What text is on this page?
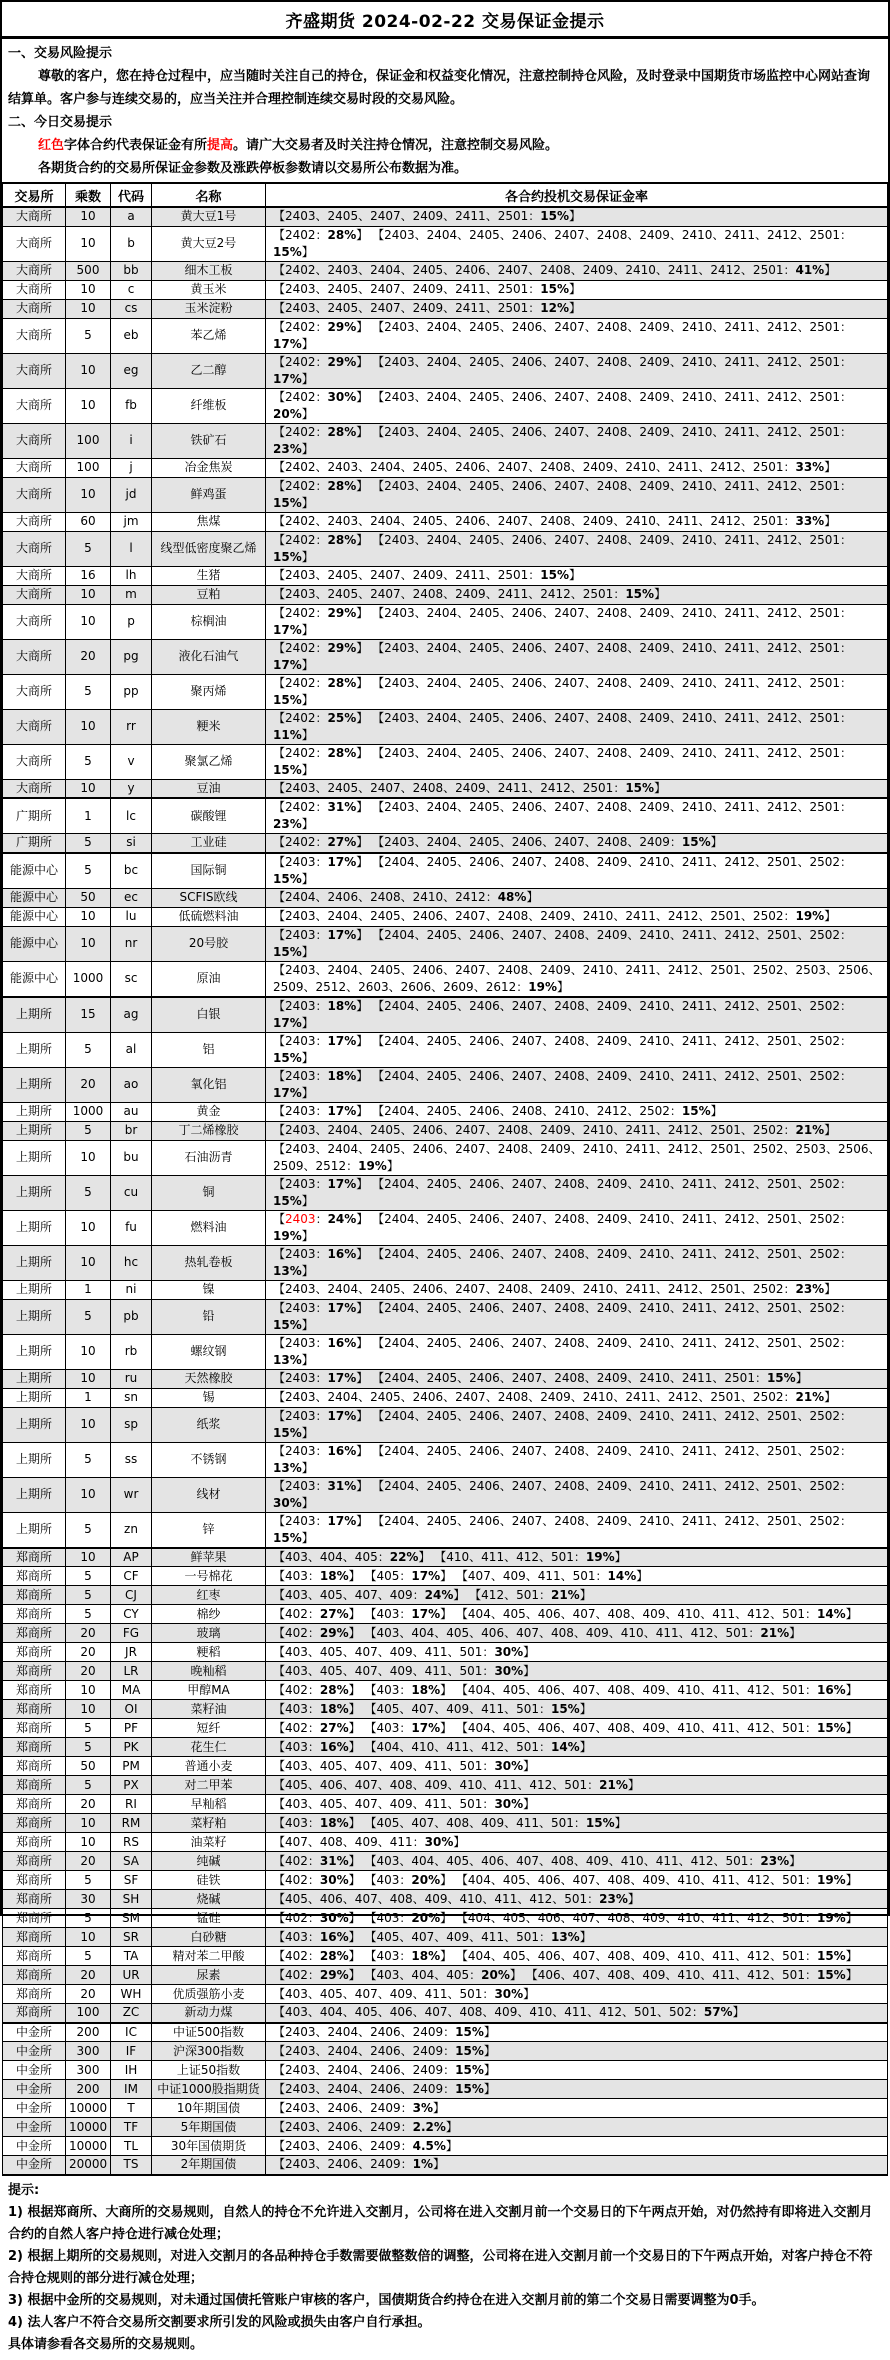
齐盛期货 2024-02-22 交易保证金提示

一、交易风险提示

尊敬的客户，您在持仓过程中，应当随时关注自己的持仓，保证金和权益变化情况，注意控制持仓风险，及时登录中国期货市场监控中心网站查询结算单。客户参与连续交易的，应当关注并合理控制连续交易时段的交易风险。

二、今日交易提示

红色字体合约代表保证金有所提高。请广大交易者及时关注持仓情况，注意控制交易风险。

各期货合约的交易所保证金参数及涨跌停板参数请以交易所公布数据为准。

交易所	乘数	代码	名称	各合约投机交易保证金率
大商所	10	a	黄大豆1号	【2403、2405、2407、2409、2411、2501：15%】
大商所	10	b	黄大豆2号	【2402：28%】 【2403、2404、2405、2406、2407、2408、2409、2410、2411、2412、2501：15%】
大商所	500	bb	细木工板	【2402、2403、2404、2405、2406、2407、2408、2409、2410、2411、2412、2501：41%】
大商所	10	c	黄玉米	【2403、2405、2407、2409、2411、2501：15%】
大商所	10	cs	玉米淀粉	【2403、2405、2407、2409、2411、2501：12%】
大商所	5	eb	苯乙烯	【2402：29%】 【2403、2404、2405、2406、2407、2408、2409、2410、2411、2412、2501：17%】
大商所	10	eg	乙二醇	【2402：29%】 【2403、2404、2405、2406、2407、2408、2409、2410、2411、2412、2501：17%】
大商所	10	fb	纤维板	【2402：30%】 【2403、2404、2405、2406、2407、2408、2409、2410、2411、2412、2501：20%】
大商所	100	i	铁矿石	【2402：28%】 【2403、2404、2405、2406、2407、2408、2409、2410、2411、2412、2501：23%】
大商所	100	j	冶金焦炭	【2402、2403、2404、2405、2406、2407、2408、2409、2410、2411、2412、2501：33%】
大商所	10	jd	鲜鸡蛋	【2402：28%】 【2403、2404、2405、2406、2407、2408、2409、2410、2411、2412、2501：15%】
大商所	60	jm	焦煤	【2402、2403、2404、2405、2406、2407、2408、2409、2410、2411、2412、2501：33%】
大商所	5	l	线型低密度聚乙烯	【2402：28%】 【2403、2404、2405、2406、2407、2408、2409、2410、2411、2412、2501：15%】
大商所	16	lh	生猪	【2403、2405、2407、2409、2411、2501：15%】
大商所	10	m	豆粕	【2403、2405、2407、2408、2409、2411、2412、2501：15%】
大商所	10	p	棕榈油	【2402：29%】 【2403、2404、2405、2406、2407、2408、2409、2410、2411、2412、2501：17%】
大商所	20	pg	液化石油气	【2402：29%】 【2403、2404、2405、2406、2407、2408、2409、2410、2411、2412、2501：17%】
大商所	5	pp	聚丙烯	【2402：28%】 【2403、2404、2405、2406、2407、2408、2409、2410、2411、2412、2501：15%】
大商所	10	rr	粳米	【2402：25%】 【2403、2404、2405、2406、2407、2408、2409、2410、2411、2412、2501：11%】
大商所	5	v	聚氯乙烯	【2402：28%】 【2403、2404、2405、2406、2407、2408、2409、2410、2411、2412、2501：15%】
大商所	10	y	豆油	【2403、2405、2407、2408、2409、2411、2412、2501：15%】
广期所	1	lc	碳酸锂	【2402：31%】 【2403、2404、2405、2406、2407、2408、2409、2410、2411、2412、2501：23%】
广期所	5	si	工业硅	【2402：27%】 【2403、2404、2405、2406、2407、2408、2409：15%】
能源中心	5	bc	国际铜	【2403：17%】 【2404、2405、2406、2407、2408、2409、2410、2411、2412、2501、2502：15%】
能源中心	50	ec	SCFIS欧线	【2404、2406、2408、2410、2412：48%】
能源中心	10	lu	低硫燃料油	【2403、2404、2405、2406、2407、2408、2409、2410、2411、2412、2501、2502：19%】
能源中心	10	nr	20号胶	【2403：17%】 【2404、2405、2406、2407、2408、2409、2410、2411、2412、2501、2502：15%】
能源中心	1000	sc	原油	【2403、2404、2405、2406、2407、2408、2409、2410、2411、2412、2501、2502、2503、2506、2509、2512、2603、2606、2609、2612：19%】
上期所	15	ag	白银	【2403：18%】 【2404、2405、2406、2407、2408、2409、2410、2411、2412、2501、2502：17%】
上期所	5	al	铝	【2403：17%】 【2404、2405、2406、2407、2408、2409、2410、2411、2412、2501、2502：15%】
上期所	20	ao	氧化铝	【2403：18%】 【2404、2405、2406、2407、2408、2409、2410、2411、2412、2501、2502：17%】
上期所	1000	au	黄金	【2403：17%】 【2404、2405、2406、2408、2410、2412、2502：15%】
上期所	5	br	丁二烯橡胶	【2403、2404、2405、2406、2407、2408、2409、2410、2411、2412、2501、2502：21%】
上期所	10	bu	石油沥青	【2403、2404、2405、2406、2407、2408、2409、2410、2411、2412、2501、2502、2503、2506、2509、2512：19%】
上期所	5	cu	铜	【2403：17%】 【2404、2405、2406、2407、2408、2409、2410、2411、2412、2501、2502：15%】
上期所	10	fu	燃料油	【2403：24%】 【2404、2405、2406、2407、2408、2409、2410、2411、2412、2501、2502：19%】
上期所	10	hc	热轧卷板	【2403：16%】 【2404、2405、2406、2407、2408、2409、2410、2411、2412、2501、2502：13%】
上期所	1	ni	镍	【2403、2404、2405、2406、2407、2408、2409、2410、2411、2412、2501、2502：23%】
上期所	5	pb	铅	【2403：17%】 【2404、2405、2406、2407、2408、2409、2410、2411、2412、2501、2502：15%】
上期所	10	rb	螺纹钢	【2403：16%】 【2404、2405、2406、2407、2408、2409、2410、2411、2412、2501、2502：13%】
上期所	10	ru	天然橡胶	【2403：17%】 【2404、2405、2406、2407、2408、2409、2410、2411、2501：15%】
上期所	1	sn	锡	【2403、2404、2405、2406、2407、2408、2409、2410、2411、2412、2501、2502：21%】
上期所	10	sp	纸浆	【2403：17%】 【2404、2405、2406、2407、2408、2409、2410、2411、2412、2501、2502：15%】
上期所	5	ss	不锈钢	【2403：16%】 【2404、2405、2406、2407、2408、2409、2410、2411、2412、2501、2502：13%】
上期所	10	wr	线材	【2403：31%】 【2404、2405、2406、2407、2408、2409、2410、2411、2412、2501、2502：30%】
上期所	5	zn	锌	【2403：17%】 【2404、2405、2406、2407、2408、2409、2410、2411、2412、2501、2502：15%】
郑商所	10	AP	鲜苹果	【403、404、405：22%】 【410、411、412、501：19%】
郑商所	5	CF	一号棉花	【403：18%】 【405：17%】 【407、409、411、501：14%】
郑商所	5	CJ	红枣	【403、405、407、409：24%】 【412、501：21%】
郑商所	5	CY	棉纱	【402：27%】 【403：17%】 【404、405、406、407、408、409、410、411、412、501：14%】
郑商所	20	FG	玻璃	【402：29%】 【403、404、405、406、407、408、409、410、411、412、501：21%】
郑商所	20	JR	粳稻	【403、405、407、409、411、501：30%】
郑商所	20	LR	晚籼稻	【403、405、407、409、411、501：30%】
郑商所	10	MA	甲醇MA	【402：28%】 【403：18%】 【404、405、406、407、408、409、410、411、412、501：16%】
郑商所	10	OI	菜籽油	【403：18%】 【405、407、409、411、501：15%】
郑商所	5	PF	短纤	【402：27%】 【403：17%】 【404、405、406、407、408、409、410、411、412、501：15%】
郑商所	5	PK	花生仁	【403：16%】 【404、410、411、412、501：14%】
郑商所	50	PM	普通小麦	【403、405、407、409、411、501：30%】
郑商所	5	PX	对二甲苯	【405、406、407、408、409、410、411、412、501：21%】
郑商所	20	RI	早籼稻	【403、405、407、409、411、501：30%】
郑商所	10	RM	菜籽粕	【403：18%】 【405、407、408、409、411、501：15%】
郑商所	10	RS	油菜籽	【407、408、409、411：30%】
郑商所	20	SA	纯碱	【402：31%】 【403、404、405、406、407、408、409、410、411、412、501：23%】
郑商所	5	SF	硅铁	【402：30%】 【403：20%】 【404、405、406、407、408、409、410、411、412、501：19%】
郑商所	30	SH	烧碱	【405、406、407、408、409、410、411、412、501：23%】
郑商所	5	SM	锰硅	【402：30%】 【403：20%】 【404、405、406、407、408、409、410、411、412、501：19%】
郑商所	10	SR	白砂糖	【403：16%】 【405、407、409、411、501：13%】
郑商所	5	TA	精对苯二甲酸	【402：28%】 【403：18%】 【404、405、406、407、408、409、410、411、412、501：15%】
郑商所	20	UR	尿素	【402：29%】 【403、404、405：20%】 【406、407、408、409、410、411、412、501：15%】
郑商所	20	WH	优质强筋小麦	【403、405、407、409、411、501：30%】
郑商所	100	ZC	新动力煤	【403、404、405、406、407、408、409、410、411、412、501、502：57%】
中金所	200	IC	中证500指数	【2403、2404、2406、2409：15%】
中金所	300	IF	沪深300指数	【2403、2404、2406、2409：15%】
中金所	300	IH	上证50指数	【2403、2404、2406、2409：15%】
中金所	200	IM	中证1000股指期货	【2403、2404、2406、2409：15%】
中金所	10000	T	10年期国债	【2403、2406、2409：3%】
中金所	10000	TF	5年期国债	【2403、2406、2409：2.2%】
中金所	10000	TL	30年国债期货	【2403、2406、2409：4.5%】
中金所	20000	TS	2年期国债	【2403、2406、2409：1%】

提示:

1) 根据郑商所、大商所的交易规则，自然人的持仓不允许进入交割月，公司将在进入交割月前一个交易日的下午两点开始，对仍然持有即将进入交割月合约的自然人客户持仓进行减仓处理；

2) 根据上期所的交易规则，对进入交割月的各品种持仓手数需要做整数倍的调整，公司将在进入交割月前一个交易日的下午两点开始，对客户持仓不符合持仓规则的部分进行减仓处理；

3) 根据中金所的交易规则，对未通过国债托管账户审核的客户，国债期货合约持仓在进入交割月前的第二个交易日需要调整为0手。

4) 法人客户不符合交易所交割要求所引发的风险或损失由客户自行承担。

具体请参看各交易所的交易规则。
